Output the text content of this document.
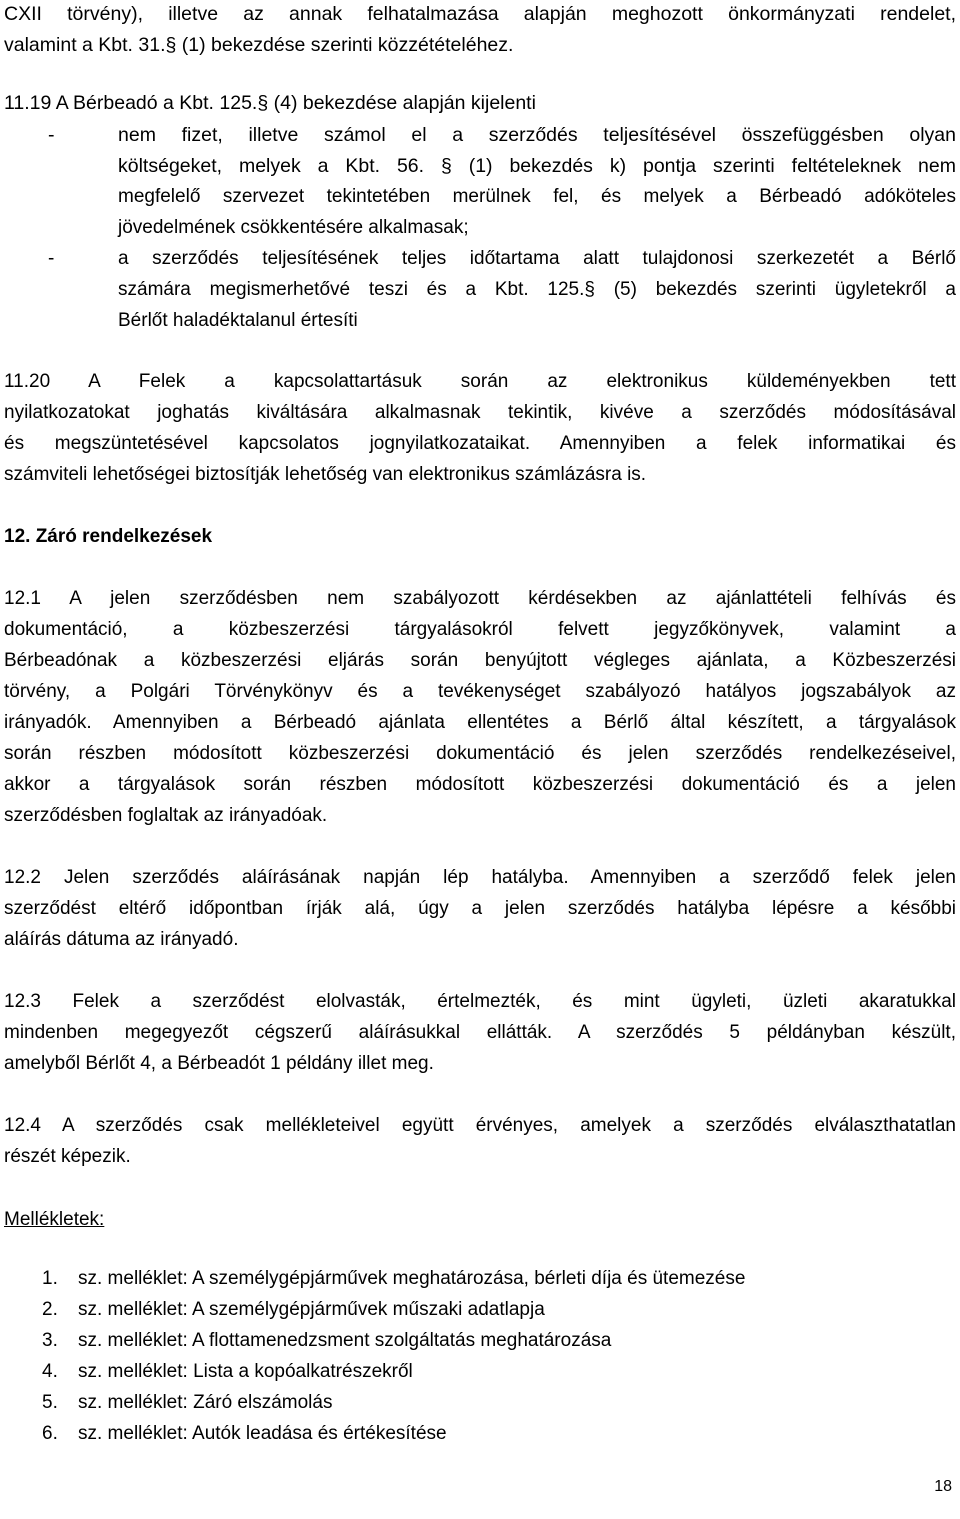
CXII törvény), illetve az annak felhatalmazása alapján meghozott önkormányzati rendelet,
valamint a Kbt. 31.§ (1) bekezdése szerinti közzétételéhez.
11.19 A Bérbeadó a Kbt. 125.§ (4) bekezdése alapján kijelenti
-	nem fizet, illetve számol el a szerződés teljesítésével összefüggésben olyan
költségeket, melyek a Kbt. 56. § (1) bekezdés k) pontja szerinti feltételeknek nem
megfelelő szervezet tekintetében merülnek fel, és melyek a Bérbeadó adóköteles
jövedelmének csökkentésére alkalmasak;
-	a szerződés teljesítésének teljes időtartama alatt tulajdonosi szerkezetét a Bérlő
számára megismerhetővé teszi és a Kbt. 125.§ (5) bekezdés szerinti ügyletekről a
Bérlőt haladéktalanul értesíti
11.20 A Felek a kapcsolattartásuk során az elektronikus küldeményekben tett
nyilatkozatokat joghatás kiváltására alkalmasnak tekintik, kivéve a szerződés módosításával
és megszüntetésével kapcsolatos jognyilatkozataikat. Amennyiben a felek informatikai és
számviteli lehetőségei biztosítják lehetőség van elektronikus számlázásra is.
12. Záró rendelkezések
12.1 A jelen szerződésben nem szabályozott kérdésekben az ajánlattételi felhívás és
dokumentáció, a közbeszerzési tárgyalásokról felvett jegyzőkönyvek, valamint a
Bérbeadónak a közbeszerzési eljárás során benyújtott végleges ajánlata, a Közbeszerzési
törvény, a Polgári Törvénykönyv és a tevékenységet szabályozó hatályos jogszabályok az
irányadók. Amennyiben a Bérbeadó ajánlata ellentétes a Bérlő által készített, a tárgyalások
során részben módosított közbeszerzési dokumentáció és jelen szerződés rendelkezéseivel,
akkor a tárgyalások során részben módosított közbeszerzési dokumentáció és a jelen
szerződésben foglaltak az irányadóak.
12.2 Jelen szerződés aláírásának napján lép hatályba. Amennyiben a szerződő felek jelen
szerződést eltérő időpontban írják alá, úgy a jelen szerződés hatályba lépésre a későbbi
aláírás dátuma az irányadó.
12.3 Felek a szerződést elolvasták, értelmezték, és mint ügyleti, üzleti akaratukkal
mindenben megegyezőt cégszerű aláírásukkal ellátták. A szerződés 5 példányban készült,
amelyből Bérlőt 4, a Bérbeadót 1 példány illet meg.
12.4 A szerződés csak mellékleteivel együtt érvényes, amelyek a szerződés elválaszthatatlan
részét képezik.
Mellékletek:
1. sz. melléklet: A személygépjárművek meghatározása, bérleti díja és ütemezése
2. sz. melléklet: A személygépjárművek műszaki adatlapja
3. sz. melléklet: A flottamenedzsment szolgáltatás meghatározása
4. sz. melléklet: Lista a kopóalkatrészekről
5. sz. melléklet: Záró elszámolás
6. sz. melléklet: Autók leadása és értékesítése
18
